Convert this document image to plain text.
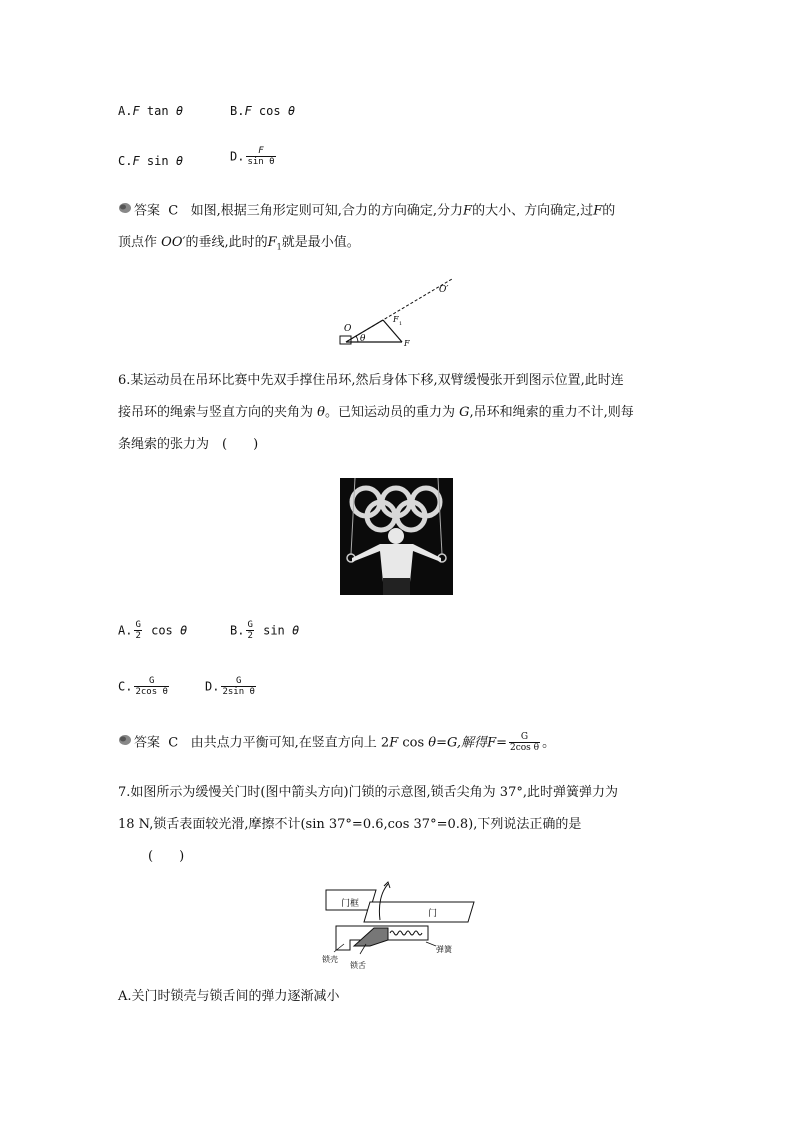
A.F tan θ	B.F cos θ
C.F sin θ	D. $\frac{F}{\text{sin θ}}$
答案 C 如图,根据三角形定则可知,合力的方向确定,分力F的大小、方向确定,过F的
顶点作 OO′的垂线,此时的$F_1$就是最小值。
O
O′
F 1
θ	F
6.某运动员在吊环比赛中先双手撑住吊环,然后身体下移,双臂缓慢张开到图示位置,此时连
接吊环的绳索与竖直方向的夹角为 θ。已知运动员的重力为 G,吊环和绳索的重力不计,则每
条绳索的张力为　(　　)
A. $\frac{G}{2}$ cos θ	B. $\frac{G}{2}$ sin θ
C. $\frac{G}{\text{2cos θ}}$	D. $\frac{G}{\text{2sin θ}}$
答案 C 由共点力平衡可知,在竖直方向上 2F cos θ=G,解得$F= \frac{G}{\text{2cos θ}}$ 。
7.如图所示为缓慢关门时(图中箭头方向)门锁的示意图,锁舌尖角为 37°,此时弹簧弹力为
18 N,锁舌表面较光滑,摩擦不计(sin 37°=0.6,cos 37°=0.8),下列说法正确的是
(　　)
门框
门
锁壳
锁舌
弹簧
A.关门时锁壳与锁舌间的弹力逐渐减小
